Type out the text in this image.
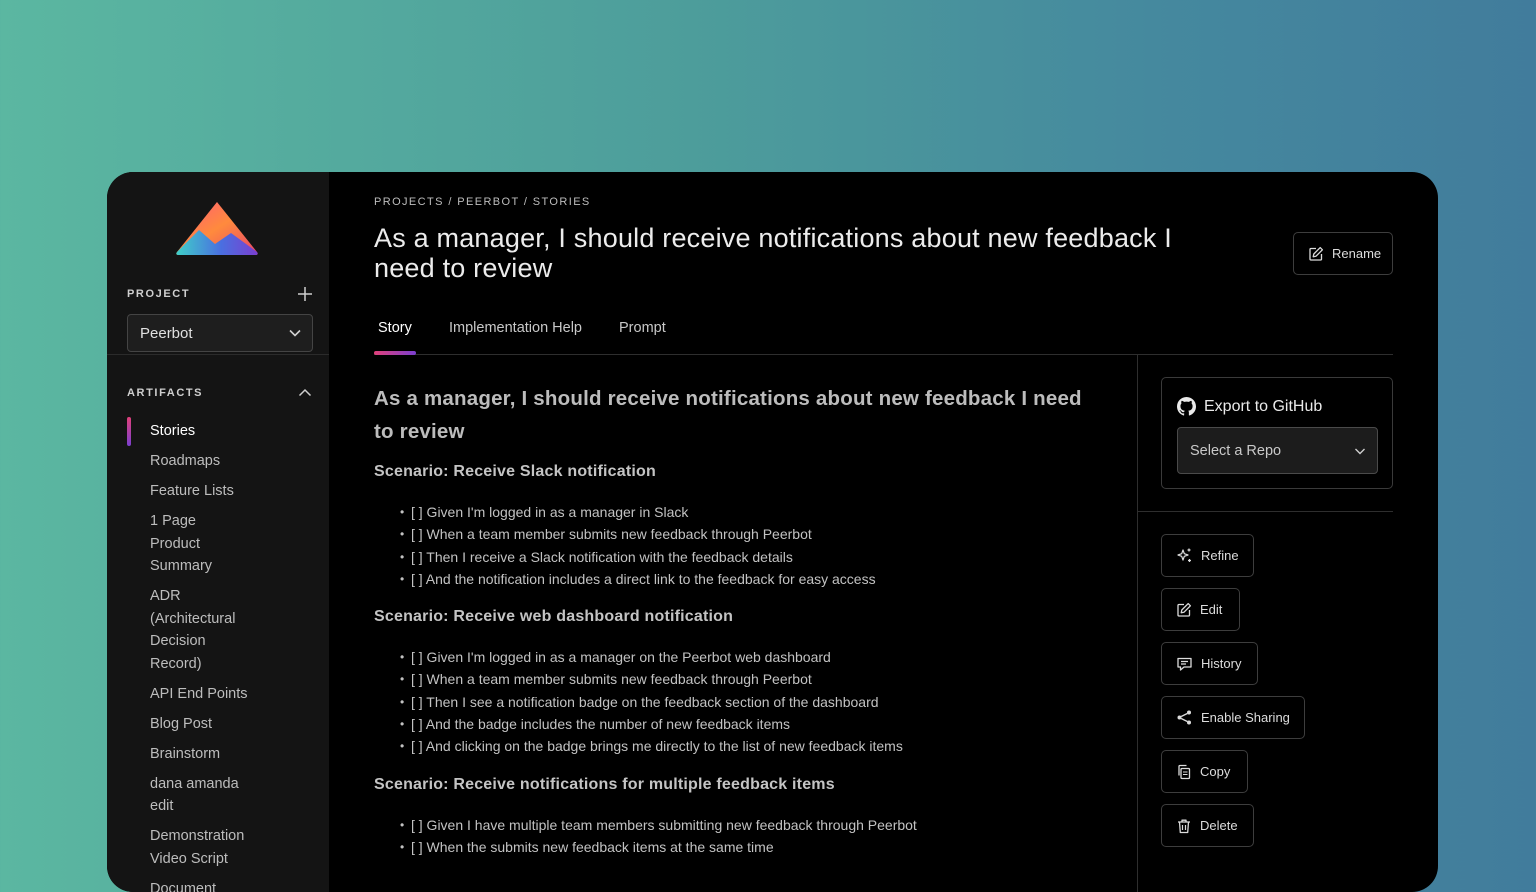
PROJECT
Peerbot
ARTIFACTS
Stories
Roadmaps
Feature Lists
1 Page Product Summary
ADR (Architectural Decision Record)
API End Points
Blog Post
Brainstorm
dana amanda edit
Demonstration Video Script
Document
PROJECTS / PEERBOT / STORIES
As a manager, I should receive notifications about new feedback I need to review	Rename
Story	Implementation Help	Prompt
As a manager, I should receive notifications about new feedback I need to review
Scenario: Receive Slack notification
• [ ] Given I'm logged in as a manager in Slack
• [ ] When a team member submits new feedback through Peerbot
• [ ] Then I receive a Slack notification with the feedback details
• [ ] And the notification includes a direct link to the feedback for easy access
Scenario: Receive web dashboard notification
• [ ] Given I'm logged in as a manager on the Peerbot web dashboard
• [ ] When a team member submits new feedback through Peerbot
• [ ] Then I see a notification badge on the feedback section of the dashboard
• [ ] And the badge includes the number of new feedback items
• [ ] And clicking on the badge brings me directly to the list of new feedback items
Scenario: Receive notifications for multiple feedback items
• [ ] Given I have multiple team members submitting new feedback through Peerbot
• [ ] When the submits new feedback items at the same time
Export to GitHub
Select a Repo
Refine
Edit
History
Enable Sharing
Copy
Delete
